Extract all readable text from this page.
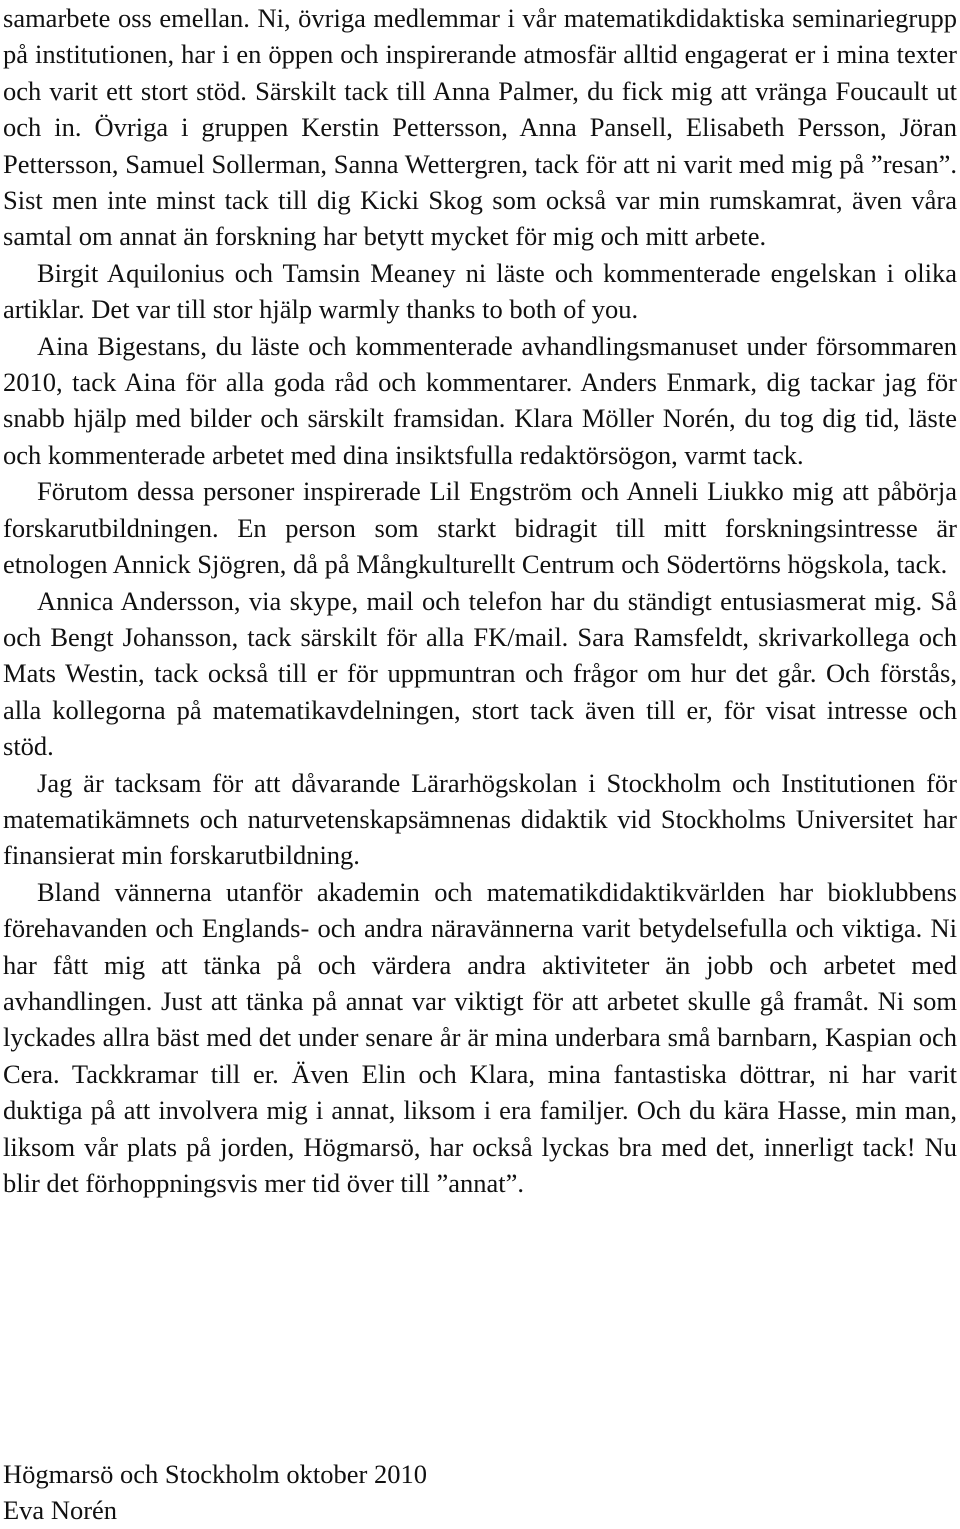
samarbete oss emellan. Ni, övriga medlemmar i vår matematikdidaktiska seminariegrupp på institutionen, har i en öppen och inspirerande atmosfär alltid engagerat er i mina texter och varit ett stort stöd. Särskilt tack till Anna Palmer, du fick mig att vränga Foucault ut och in. Övriga i gruppen Kerstin Pettersson, Anna Pansell, Elisabeth Persson, Jöran Pettersson, Samuel Sollerman, Sanna Wettergren, tack för att ni varit med mig på ”resan”. Sist men inte minst tack till dig Kicki Skog som också var min rumskamrat, även våra samtal om annat än forskning har betytt mycket för mig och mitt arbete.

Birgit Aquilonius och Tamsin Meaney ni läste och kommenterade engelskan i olika artiklar. Det var till stor hjälp warmly thanks to both of you.

Aina Bigestans, du läste och kommenterade avhandlingsmanuset under försommaren 2010, tack Aina för alla goda råd och kommentarer. Anders Enmark, dig tackar jag för snabb hjälp med bilder och särskilt framsidan. Klara Möller Norén, du tog dig tid, läste och kommenterade arbetet med dina insiktsfulla redaktörsögon, varmt tack.

Förutom dessa personer inspirerade Lil Engström och Anneli Liukko mig att påbörja forskarutbildningen. En person som starkt bidragit till mitt forskningsintresse är etnologen Annick Sjögren, då på Mångkulturellt Centrum och Södertörns högskola, tack.

Annica Andersson, via skype, mail och telefon har du ständigt entusiasmerat mig. Så och Bengt Johansson, tack särskilt för alla FK/mail. Sara Ramsfeldt, skrivarkollega och Mats Westin, tack också till er för uppmuntran och frågor om hur det går. Och förstås, alla kollegorna på matematikavdelningen, stort tack även till er, för visat intresse och stöd.

Jag är tacksam för att dåvarande Lärarhögskolan i Stockholm och Institutionen för matematikämnets och naturvetenskapsämnenas didaktik vid Stockholms Universitet har finansierat min forskarutbildning.

Bland vännerna utanför akademin och matematikdidaktikvärlden har bioklubbens förehavanden och Englands- och andra näravännerna varit betydelsefulla och viktiga. Ni har fått mig att tänka på och värdera andra aktiviteter än jobb och arbetet med avhandlingen. Just att tänka på annat var viktigt för att arbetet skulle gå framåt. Ni som lyckades allra bäst med det under senare år är mina underbara små barnbarn, Kaspian och Cera. Tackkramar till er. Även Elin och Klara, mina fantastiska döttrar, ni har varit duktiga på att involvera mig i annat, liksom i era familjer. Och du kära Hasse, min man, liksom vår plats på jorden, Högmarsö, har också lyckas bra med det, innerligt tack! Nu blir det förhoppningsvis mer tid över till ”annat”.

Högmarsö och Stockholm oktober 2010
Eva Norén
